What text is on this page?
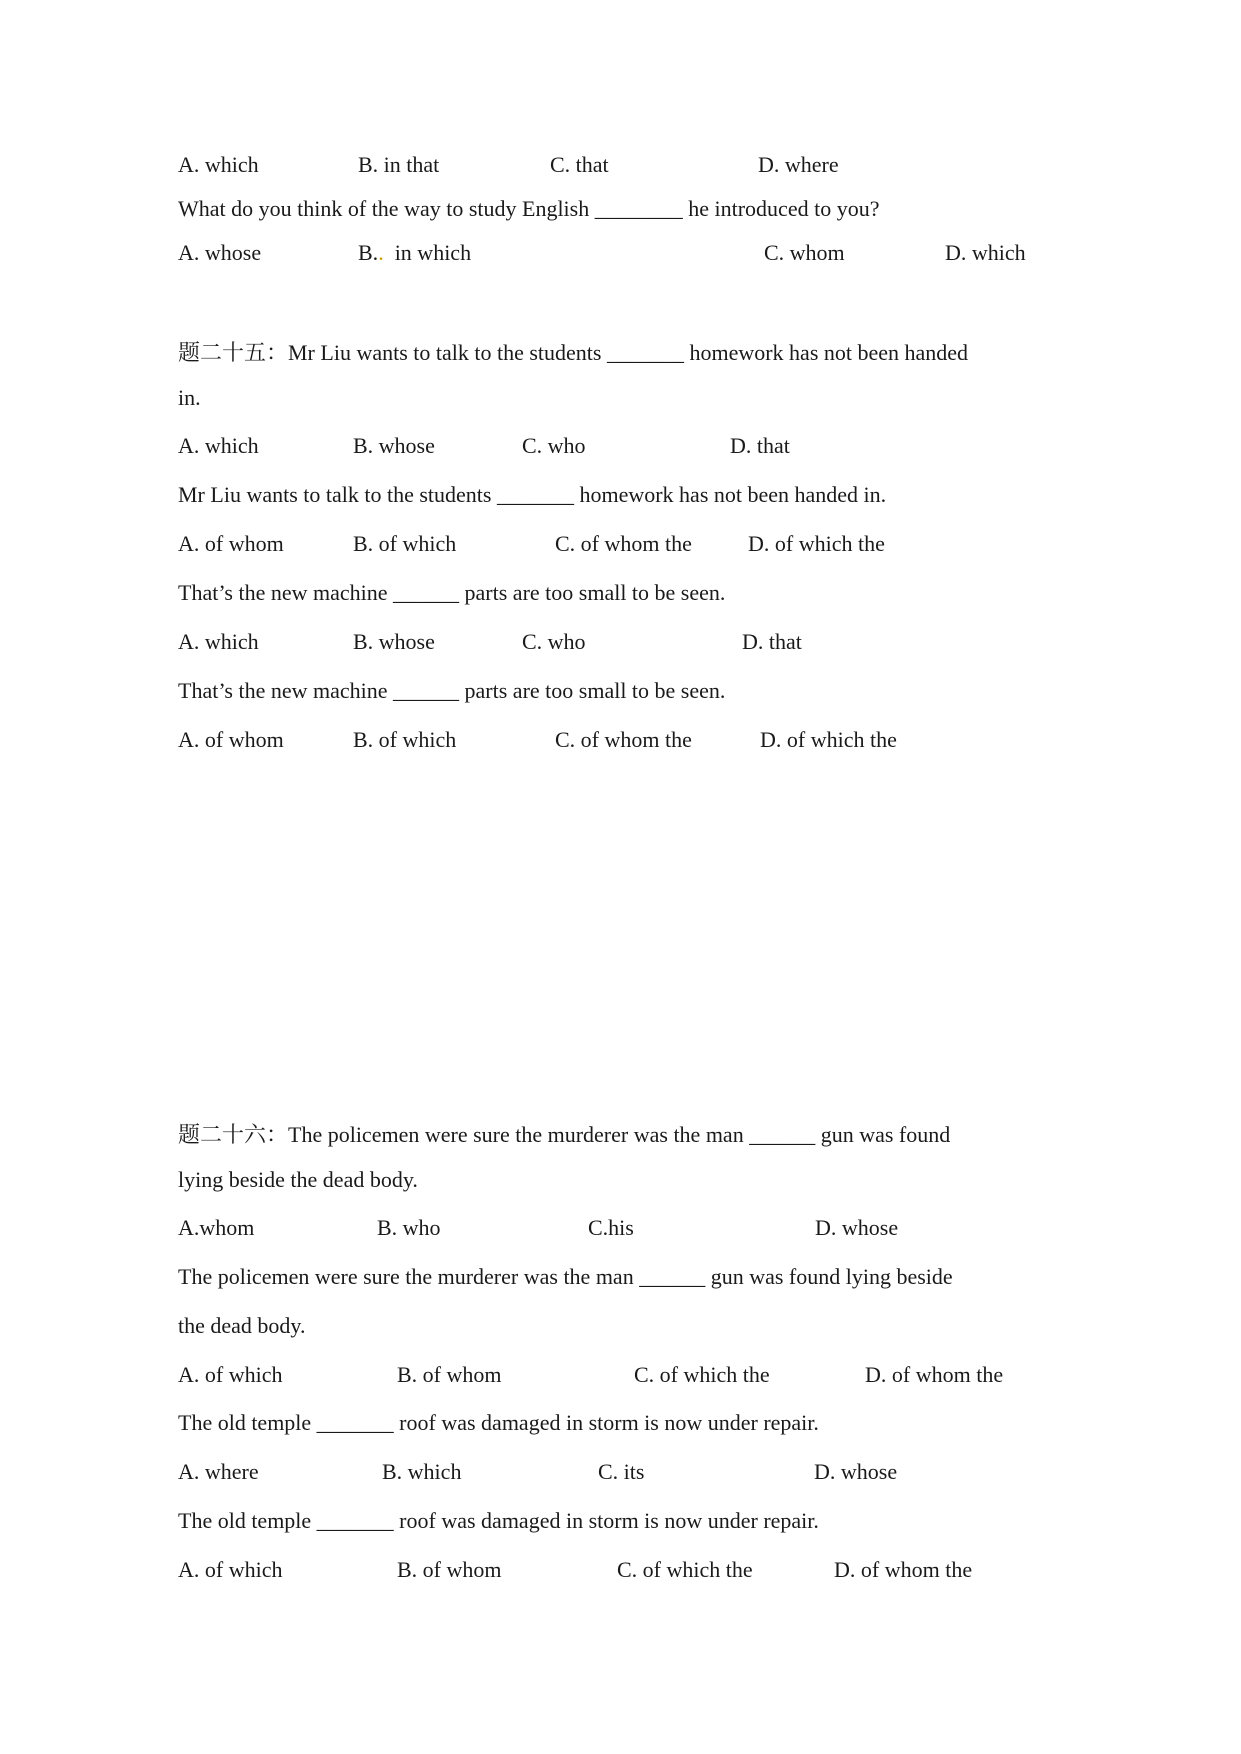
A. which	B. in that	C. that	D. where
What do you think of the way to study English ________ he introduced to you?
A. whose	B.. in which	C. whom	D. which
题二十五：Mr Liu wants to talk to the students _______ homework has not been handed
in.
A. which	B. whose	C. who	D. that
Mr Liu wants to talk to the students _______ homework has not been handed in.
A. of whom	B. of which	C. of whom the	D. of which the
That’s the new machine ______ parts are too small to be seen.
A. which	B. whose	C. who	D. that
That’s the new machine ______ parts are too small to be seen.
A. of whom	B. of which	C. of whom the	D. of which the
题二十六：The policemen were sure the murderer was the man ______ gun was found
lying beside the dead body.
A.whom	B. who	C.his	D. whose
The policemen were sure the murderer was the man ______ gun was found lying beside
the dead body.
A. of which	B. of whom	C. of which the	D. of whom the
The old temple _______ roof was damaged in storm is now under repair.
A. where	B. which	C. its	D. whose
The old temple _______ roof was damaged in storm is now under repair.
A. of which	B. of whom	C. of which the	D. of whom the
